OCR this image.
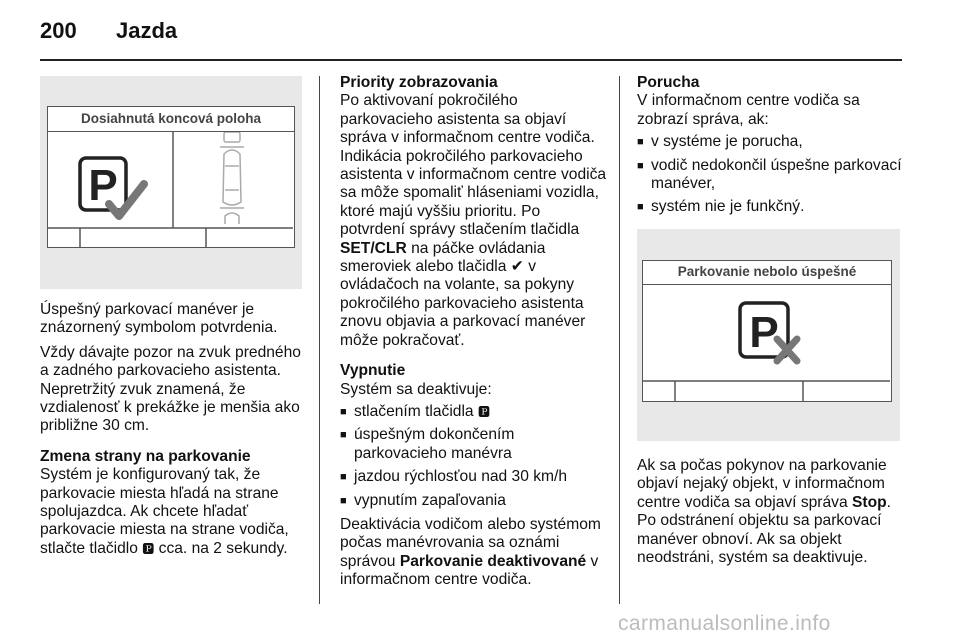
200 Jazda
Dosiahnutá koncová poloha
P

Úspešný parkovací manéver je znázornený symbolom potvrdenia.

Vždy dávajte pozor na zvuk predného a zadného parkovacieho asistenta. Nepretržitý zvuk znamená, že vzdialenosť k prekážke je menšia ako približne 30 cm.

Zmena strany na parkovanie

Systém je konfigurovaný tak, že parkovacie miesta hľadá na strane spolujazdca. Ak chcete hľadať parkovacie miesta na strane vodiča, stlačte tlačidlo 🅿 cca. na 2 sekundy.

Priority zobrazovania

Po aktivovaní pokročilého parkovacieho asistenta sa objaví správa v informačnom centre vodiča. Indikácia pokročilého parkovacieho asistenta v informačnom centre vodiča sa môže spomaliť hláseniami vozidla, ktoré majú vyššiu prioritu. Po potvrdení správy stlačením tlačidla SET/CLR na páčke ovládania smeroviek alebo tlačidla ✔ v ovládačoch na volante, sa pokyny pokročilého parkovacieho asistenta znovu objavia a parkovací manéver môže pokračovať.

Vypnutie

Systém sa deaktivuje:

■ stlačením tlačidla 🅿
■ úspešným dokončením parkovacieho manévra
■ jazdou rýchlosťou nad 30 km/h
■ vypnutím zapaľovania

Deaktivácia vodičom alebo systémom počas manévrovania sa oznámi správou Parkovanie deaktivované v informačnom centre vodiča.

Porucha

V informačnom centre vodiča sa zobrazí správa, ak:

■ v systéme je porucha,
■ vodič nedokončil úspešne parkovací manéver,
■ systém nie je funkčný.
Parkovanie nebolo úspešné
P

Ak sa počas pokynov na parkovanie objaví nejaký objekt, v informačnom centre vodiča sa objaví správa Stop. Po odstránení objektu sa parkovací manéver obnoví. Ak sa objekt neodstráni, systém sa deaktivuje.

carmanualsonline.info
